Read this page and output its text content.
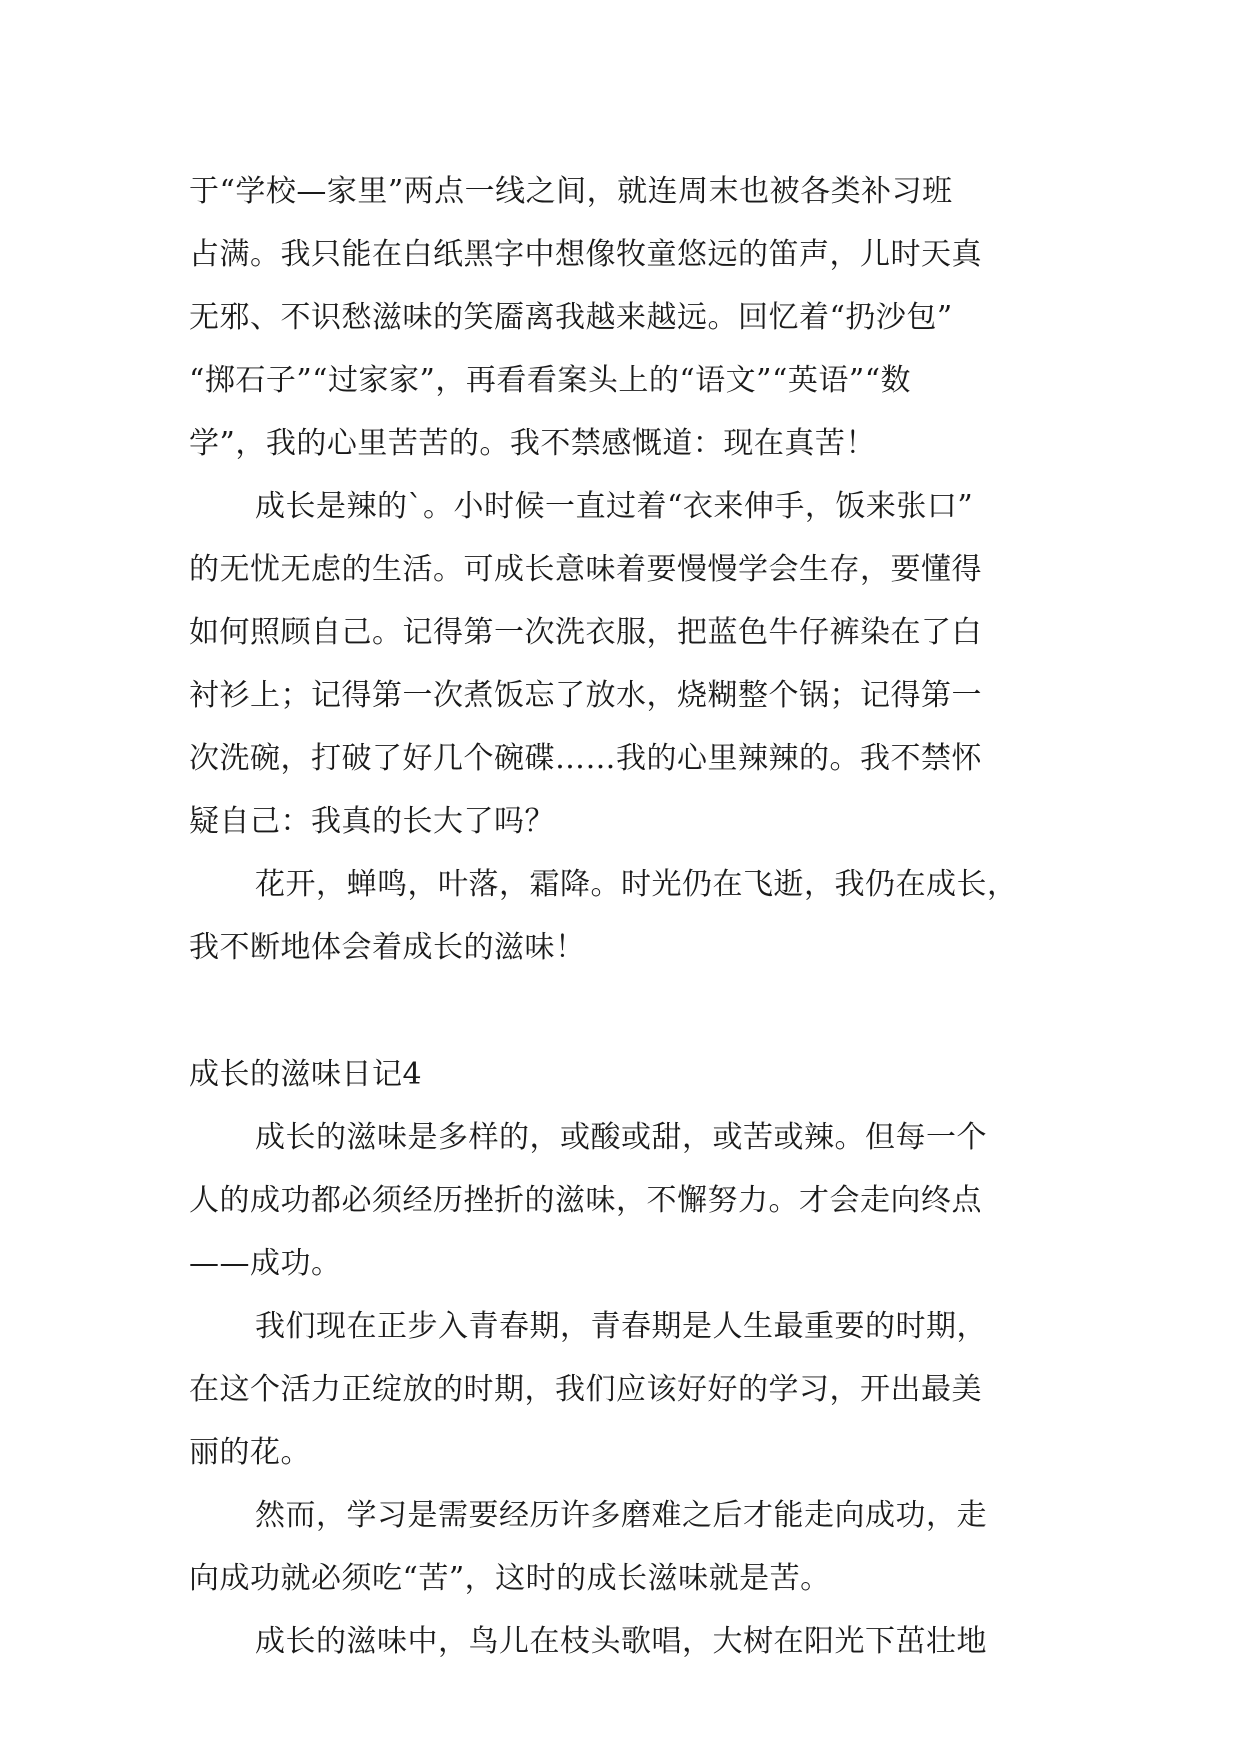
于“学校—家里”两点一线之间，就连周末也被各类补习班
占满。我只能在白纸黑字中想像牧童悠远的笛声，儿时天真
无邪、不识愁滋味的笑靥离我越来越远。回忆着“扔沙包”
“掷石子”“过家家”，再看看案头上的“语文”“英语”“数
学”，我的心里苦苦的。我不禁感慨道：现在真苦！
成长是辣的`。小时候一直过着“衣来伸手，饭来张口”
的无忧无虑的生活。可成长意味着要慢慢学会生存，要懂得
如何照顾自己。记得第一次洗衣服，把蓝色牛仔裤染在了白
衬衫上；记得第一次煮饭忘了放水，烧糊整个锅；记得第一
次洗碗，打破了好几个碗碟……我的心里辣辣的。我不禁怀
疑自己：我真的长大了吗？
花开，蝉鸣，叶落，霜降。时光仍在飞逝，我仍在成长，
我不断地体会着成长的滋味！
成长的滋味日记4
成长的滋味是多样的，或酸或甜，或苦或辣。但每一个
人的成功都必须经历挫折的滋味，不懈努力。才会走向终点
——成功。
我们现在正步入青春期，青春期是人生最重要的时期，
在这个活力正绽放的时期，我们应该好好的学习，开出最美
丽的花。
然而，学习是需要经历许多磨难之后才能走向成功，走
向成功就必须吃“苦”，这时的成长滋味就是苦。
成长的滋味中，鸟儿在枝头歌唱，大树在阳光下茁壮地
